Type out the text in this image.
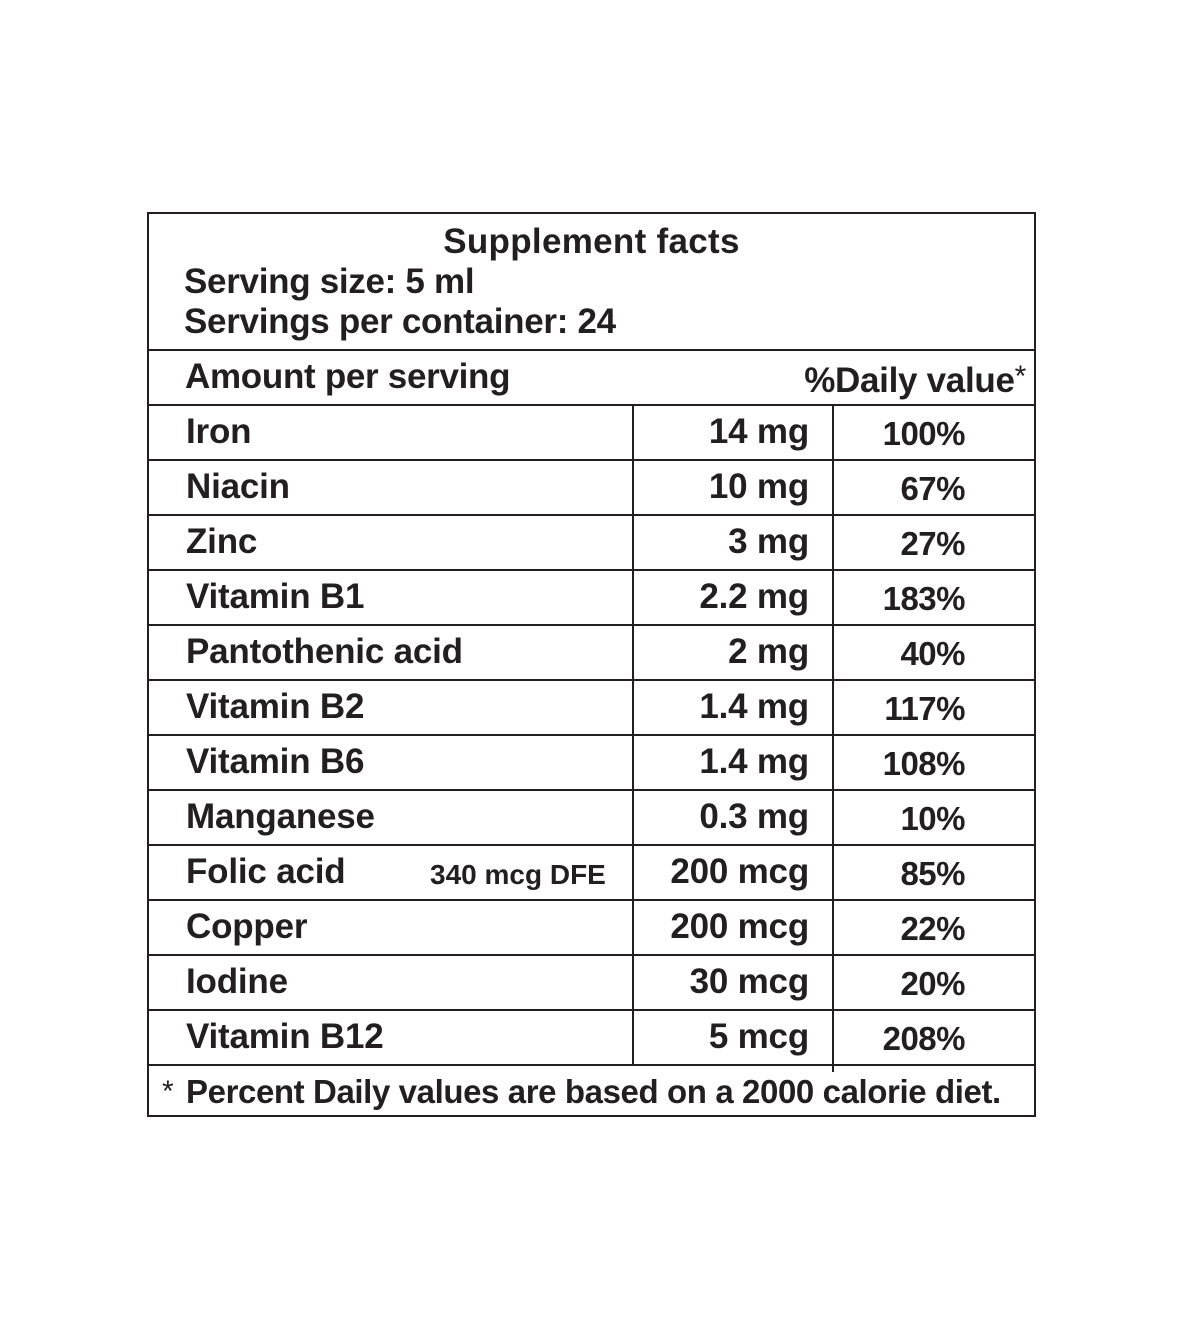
Supplement facts
Serving size: 5 ml
Servings per container: 24
Amount per serving	%Daily value*
Iron	14 mg	100%
Niacin	10 mg	67%
Zinc	3 mg	27%
Vitamin B1	2.2 mg	183%
Pantothenic acid	2 mg	40%
Vitamin B2	1.4 mg	117%
Vitamin B6	1.4 mg	108%
Manganese	0.3 mg	10%
Folic acid	340 mcg DFE	200 mcg	85%
Copper	200 mcg	22%
Iodine	30 mcg	20%
Vitamin B12	5 mcg	208%
* Percent Daily values are based on a 2000 calorie diet.
